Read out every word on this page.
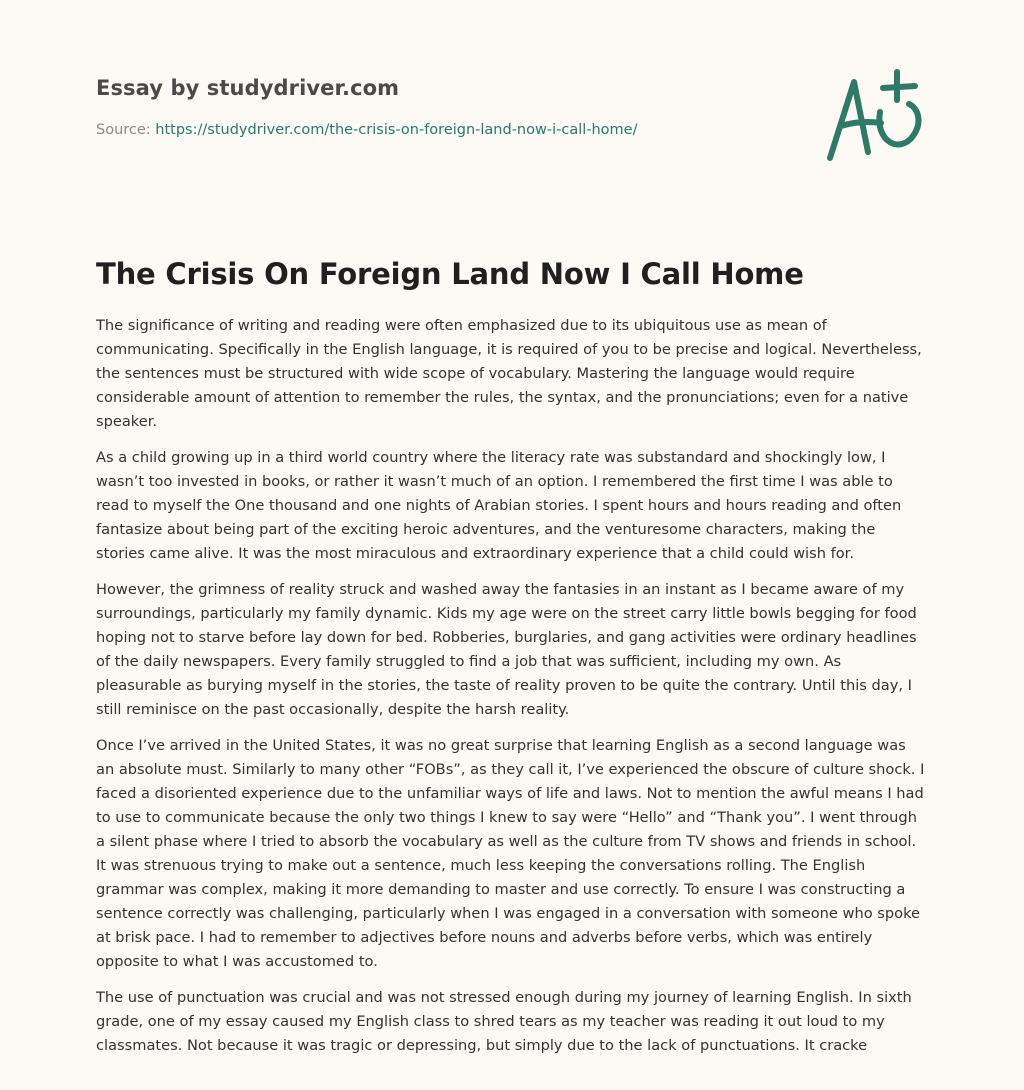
Essay by studydriver.com

Source: https://studydriver.com/the-crisis-on-foreign-land-now-i-call-home/
The Crisis On Foreign Land Now I Call Home

The significance of writing and reading were often emphasized due to its ubiquitous use as mean of communicating. Specifically in the English language, it is required of you to be precise and logical. Nevertheless, the sentences must be structured with wide scope of vocabulary. Mastering the language would require considerable amount of attention to remember the rules, the syntax, and the pronunciations; even for a native speaker.

As a child growing up in a third world country where the literacy rate was substandard and shockingly low, I wasn’t too invested in books, or rather it wasn’t much of an option. I remembered the first time I was able to read to myself the One thousand and one nights of Arabian stories. I spent hours and hours reading and often fantasize about being part of the exciting heroic adventures, and the venturesome characters, making the stories came alive. It was the most miraculous and extraordinary experience that a child could wish for.

However, the grimness of reality struck and washed away the fantasies in an instant as I became aware of my surroundings, particularly my family dynamic. Kids my age were on the street carry little bowls begging for food hoping not to starve before lay down for bed. Robberies, burglaries, and gang activities were ordinary headlines of the daily newspapers. Every family struggled to find a job that was sufficient, including my own. As pleasurable as burying myself in the stories, the taste of reality proven to be quite the contrary. Until this day, I still reminisce on the past occasionally, despite the harsh reality.

Once I’ve arrived in the United States, it was no great surprise that learning English as a second language was an absolute must. Similarly to many other “FOBs”, as they call it, I’ve experienced the obscure of culture shock. I faced a disoriented experience due to the unfamiliar ways of life and laws. Not to mention the awful means I had to use to communicate because the only two things I knew to say were “Hello” and “Thank you”. I went through a silent phase where I tried to absorb the vocabulary as well as the culture from TV shows and friends in school. It was strenuous trying to make out a sentence, much less keeping the conversations rolling. The English grammar was complex, making it more demanding to master and use correctly. To ensure I was constructing a sentence correctly was challenging, particularly when I was engaged in a conversation with someone who spoke at brisk pace. I had to remember to adjectives before nouns and adverbs before verbs, which was entirely opposite to what I was accustomed to.

The use of punctuation was crucial and was not stressed enough during my journey of learning English. In sixth grade, one of my essay caused my English class to shred tears as my teacher was reading it out loud to my classmates. Not because it was tragic or depressing, but simply due to the lack of punctuations. It cracke
